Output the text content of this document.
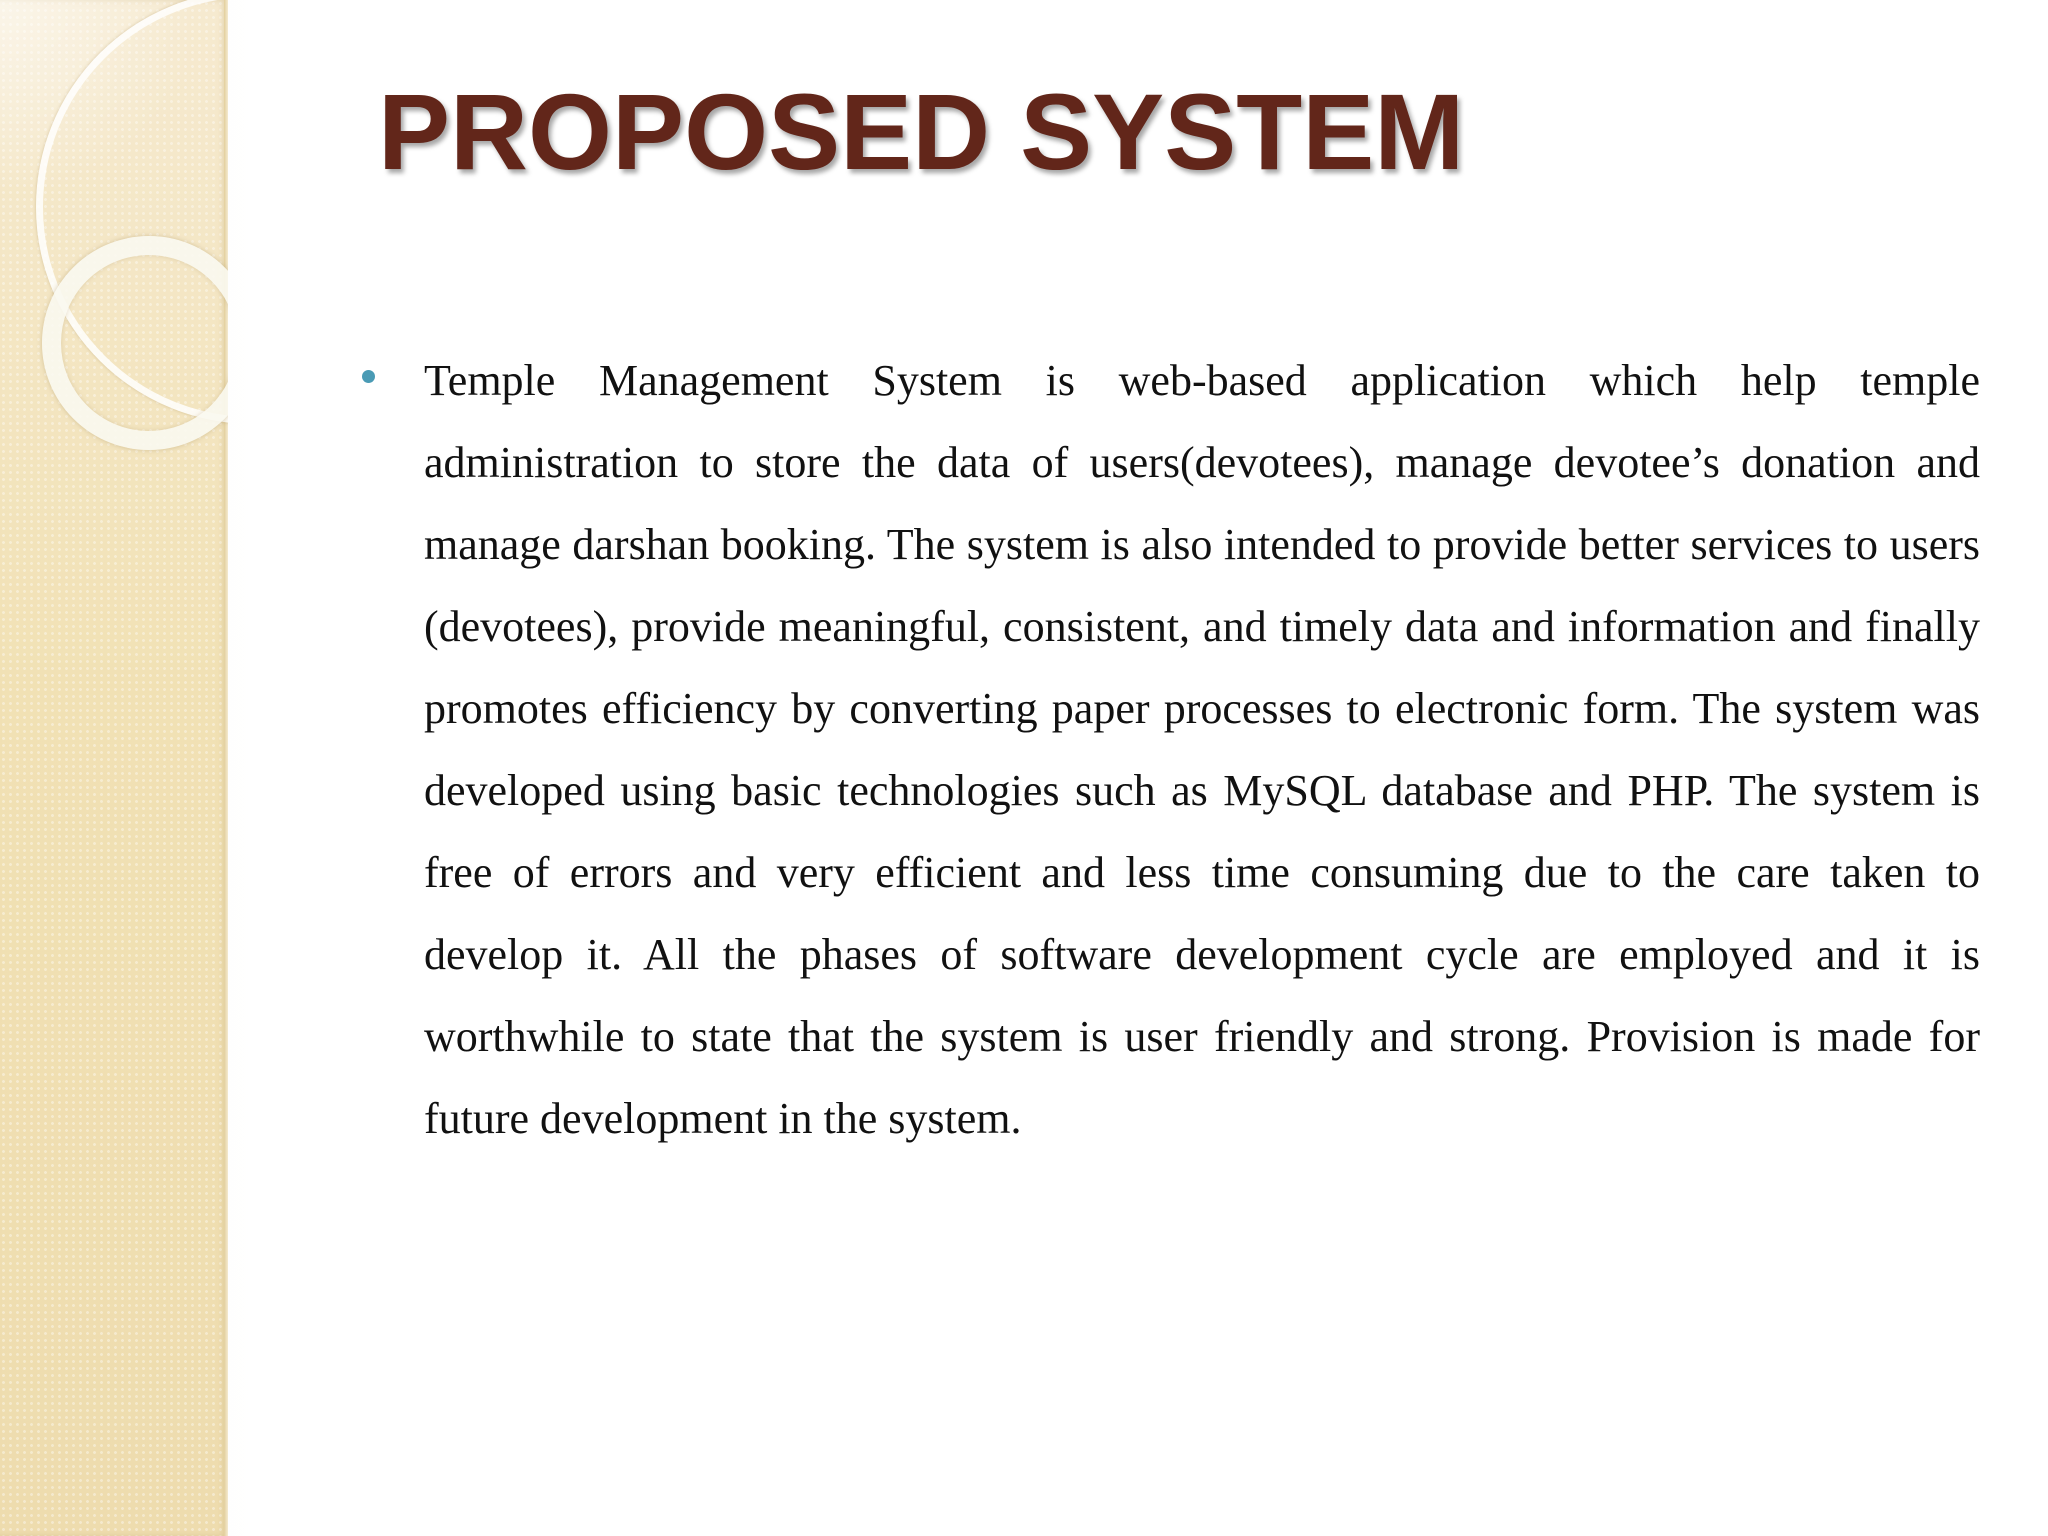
PROPOSED SYSTEM

Temple Management System is web-based application which help temple administration to store the data of users(devotees), manage devotee’s donation and manage darshan booking. The system is also intended to provide better services to users (devotees), provide meaningful, consistent, and timely data and information and finally promotes efficiency by converting paper processes to electronic form. The system was developed using basic technologies such as MySQL database and PHP. The system is free of errors and very efficient and less time consuming due to the care taken to develop it. All the phases of software development cycle are employed and it is worthwhile to state that the system is user friendly and strong. Provision is made for future development in the system.
